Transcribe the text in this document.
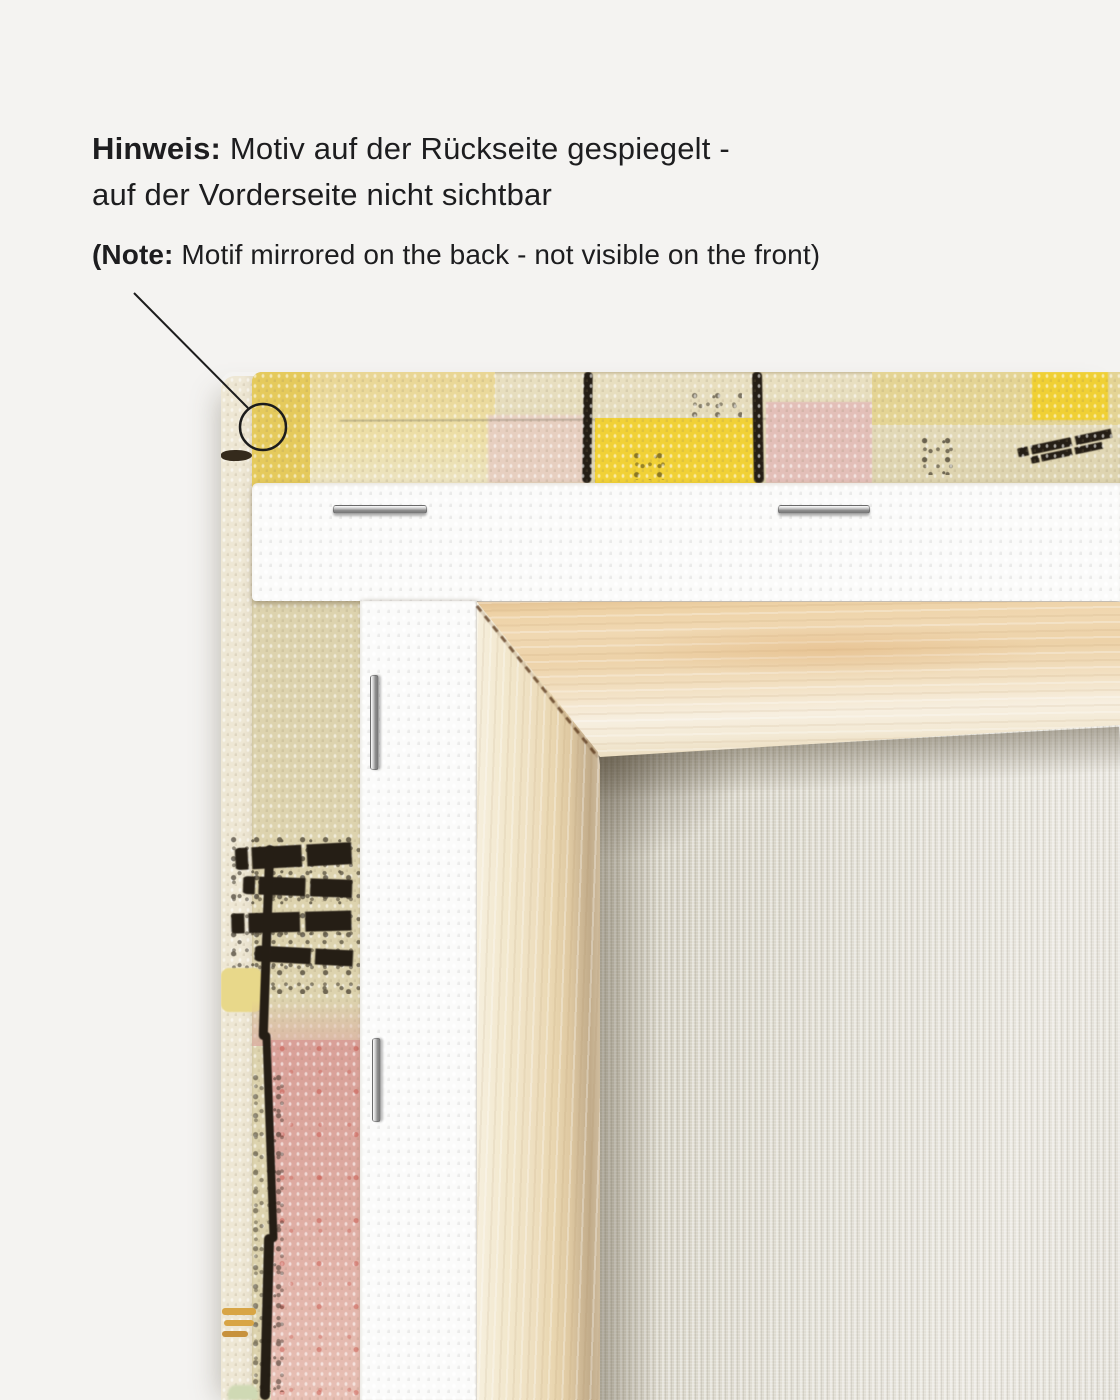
Hinweis: Motiv auf der Rückseite gespiegelt -
auf der Vorderseite nicht sichtbar

(Note: Motif mirrored on the back - not visible on the front)
